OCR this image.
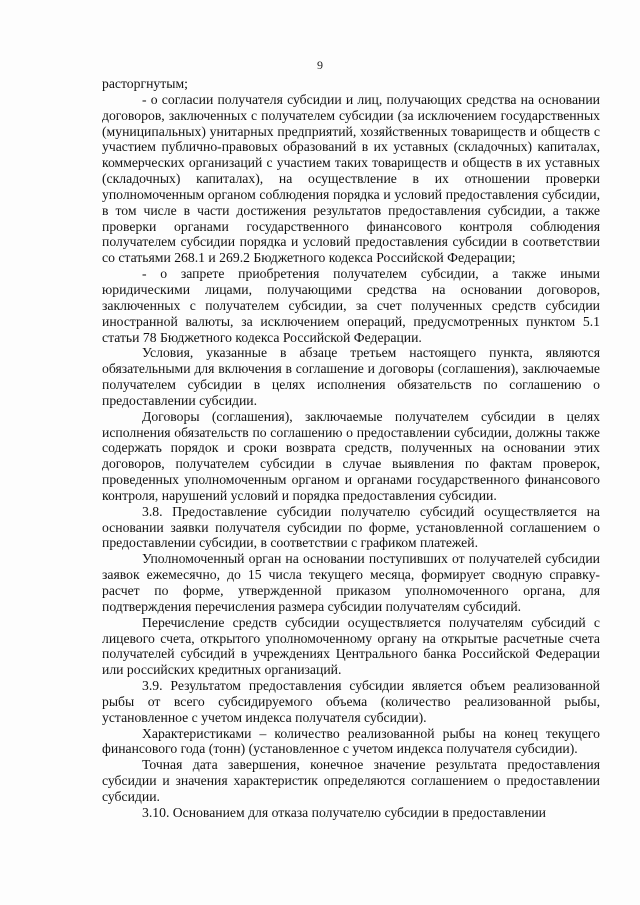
9

расторгнутым;

- о согласии получателя субсидии и лиц, получающих средства на основании договоров, заключенных с получателем субсидии (за исключением государственных (муниципальных) унитарных предприятий, хозяйственных товариществ и обществ с участием публично-правовых образований в их уставных (складочных) капиталах, коммерческих организаций с участием таких товариществ и обществ в их уставных (складочных) капиталах), на осуществление в их отношении проверки уполномоченным органом соблюдения порядка и условий предоставления субсидии, в том числе в части достижения результатов предоставления субсидии, а также проверки органами государственного финансового контроля соблюдения получателем субсидии порядка и условий предоставления субсидии в соответствии со статьями 268.1 и 269.2 Бюджетного кодекса Российской Федерации;

- о запрете приобретения получателем субсидии, а также иными юридическими лицами, получающими средства на основании договоров, заключенных с получателем субсидии, за счет полученных средств субсидии иностранной валюты, за исключением операций, предусмотренных пунктом 5.1 статьи 78 Бюджетного кодекса Российской Федерации.

Условия, указанные в абзаце третьем настоящего пункта, являются обязательными для включения в соглашение и договоры (соглашения), заключаемые получателем субсидии в целях исполнения обязательств по соглашению о предоставлении субсидии.

Договоры (соглашения), заключаемые получателем субсидии в целях исполнения обязательств по соглашению о предоставлении субсидии, должны также содержать порядок и сроки возврата средств, полученных на основании этих договоров, получателем субсидии в случае выявления по фактам проверок, проведенных уполномоченным органом и органами государственного финансового контроля, нарушений условий и порядка предоставления субсидии.

3.8. Предоставление субсидии получателю субсидий осуществляется на основании заявки получателя субсидии по форме, установленной соглашением о предоставлении субсидии, в соответствии с графиком платежей.

Уполномоченный орган на основании поступивших от получателей субсидии заявок ежемесячно, до 15 числа текущего месяца, формирует сводную справку-расчет по форме, утвержденной приказом уполномоченного органа, для подтверждения перечисления размера субсидии получателям субсидий.

Перечисление средств субсидии осуществляется получателям субсидий с лицевого счета, открытого уполномоченному органу на открытые расчетные счета получателей субсидий в учреждениях Центрального банка Российской Федерации или российских кредитных организаций.

3.9. Результатом предоставления субсидии является объем реализованной рыбы от всего субсидируемого объема (количество реализованной рыбы, установленное с учетом индекса получателя субсидии).

Характеристиками – количество реализованной рыбы на конец текущего финансового года (тонн) (установленное с учетом индекса получателя субсидии).

Точная дата завершения, конечное значение результата предоставления субсидии и значения характеристик определяются соглашением о предоставлении субсидии.

3.10. Основанием для отказа получателю субсидии в предоставлении
